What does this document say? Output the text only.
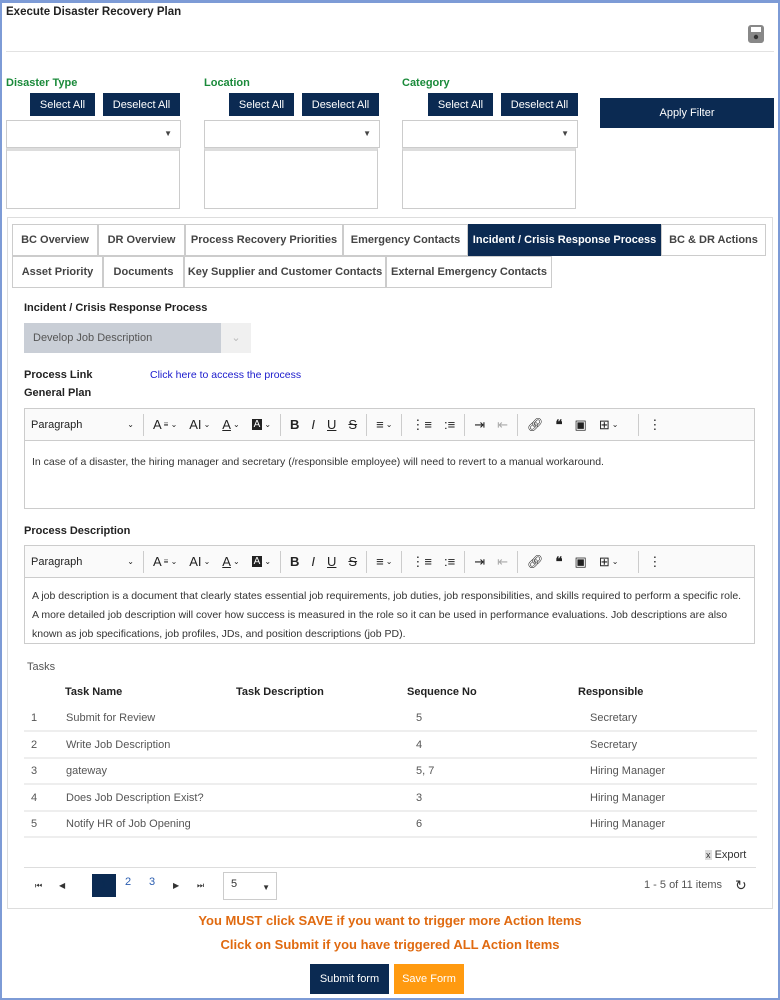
Execute Disaster Recovery Plan
Disaster Type
Select All	Deselect All
▼
Location
Select All	Deselect All
▼
Category
Select All	Deselect All
▼
Apply Filter
BC Overview	DR Overview	Process Recovery Priorities	Emergency Contacts	Incident / Crisis Response Process	BC & DR Actions
Asset Priority	Documents	Key Supplier and Customer Contacts External Emergency Contacts
Incident / Crisis Response Process
Develop Job Description	⌄
Process Link	Click here to access the process
General Plan
Paragraph	⌄	A ≡ ⌄ AI ⌄ A ⌄ A ⌄ B I U S	≡ ⌄	⋮≡ :≡	⇥ ⇤	🔗︎ ❝ ▣ ⊞ ⌄	⋮
In case of a disaster, the hiring manager and secretary (/responsible employee) will need to revert to a manual workaround.
Process Description
Paragraph	⌄	A ≡ ⌄ AI ⌄ A ⌄ A ⌄ B I U S	≡ ⌄	⋮≡ :≡	⇥ ⇤	🔗︎ ❝ ▣ ⊞ ⌄	⋮
A job description is a document that clearly states essential job requirements, job duties, job responsibilities, and skills required to perform a specific role. A more detailed job description will cover how success is measured in the role so it can be used in performance evaluations. Job descriptions are also known as job specifications, job profiles, JDs, and position descriptions (job PD).
Tasks
Task Name	Task Description	Sequence No	Responsible
1	Submit for Review	5	Secretary
2	Write Job Description	4	Secretary
3	gateway	5, 7	Hiring Manager
4	Does Job Description Exist?	3	Hiring Manager
5	Notify HR of Job Opening	6	Hiring Manager
x Export
⏮ ◀	1	2 3 ▶ ⏭	5	▼	1 - 5 of 11 items ↻
You MUST click SAVE if you want to trigger more Action Items
Click on Submit if you have triggered ALL Action Items
Submit form	Save Form
